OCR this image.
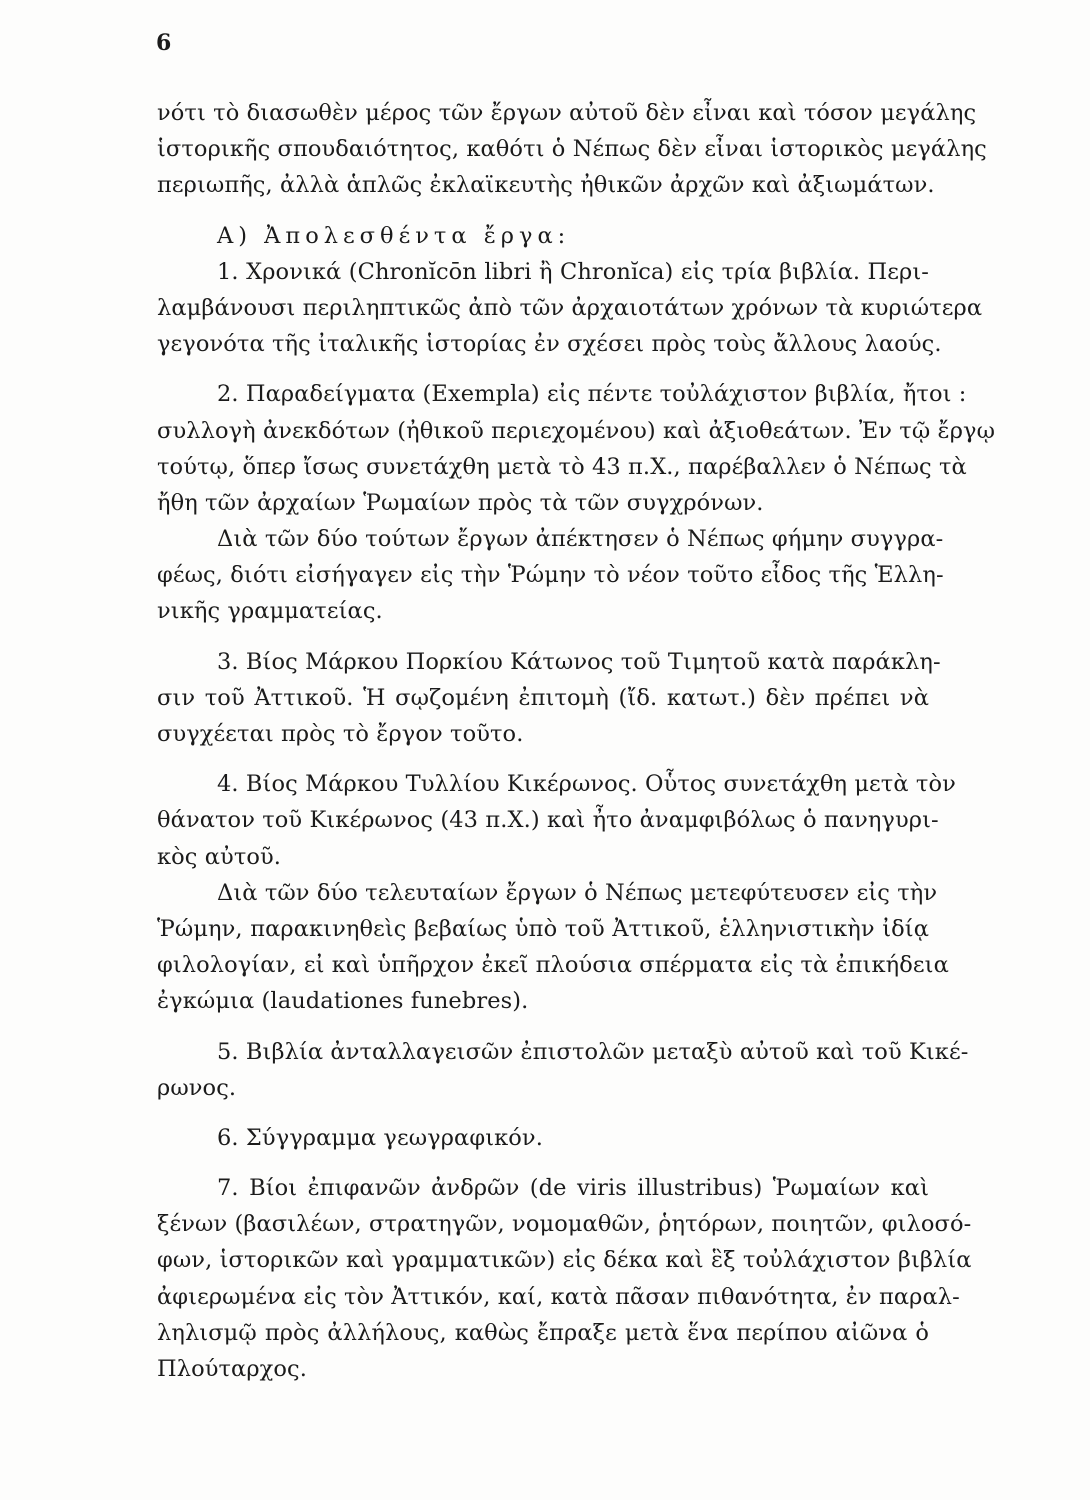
6
νότι τὸ διασωθὲν μέρος τῶν ἔργων αὐτοῦ δὲν εἶναι καὶ τόσον μεγάλης
ἱστορικῆς σπουδαιότητος, καθότι ὁ Νέπως δὲν εἶναι ἱστορικὸς μεγάλης
περιωπῆς, ἀλλὰ ἁπλῶς ἐκλαϊκευτὴς ἠθικῶν ἀρχῶν καὶ ἀξιωμάτων.
Α) Ἀπολεσθέντα ἔργα:
1. Χρονικά (Chronĭcōn libri ἢ Chronĭca) εἰς τρία βιβλία. Περι-
λαμβάνουσι περιληπτικῶς ἀπὸ τῶν ἀρχαιοτάτων χρόνων τὰ κυριώτερα
γεγονότα τῆς ἰταλικῆς ἱστορίας ἐν σχέσει πρὸς τοὺς ἄλλους λαούς.
2. Παραδείγματα (Exempla) εἰς πέντε τοὐλάχιστον βιβλία, ἤτοι :
συλλογὴ ἀνεκδότων (ἠθικοῦ περιεχομένου) καὶ ἀξιοθεάτων. Ἐν τῷ ἔργῳ
τούτῳ, ὅπερ ἴσως συνετάχθη μετὰ τὸ 43 π.Χ., παρέβαλλεν ὁ Νέπως τὰ
ἤθη τῶν ἀρχαίων Ῥωμαίων πρὸς τὰ τῶν συγχρόνων.
Διὰ τῶν δύο τούτων ἔργων ἀπέκτησεν ὁ Νέπως φήμην συγγρα-
φέως, διότι εἰσήγαγεν εἰς τὴν Ῥώμην τὸ νέον τοῦτο εἶδος τῆς Ἑλλη-
νικῆς γραμματείας.
3. Βίος Μάρκου Πορκίου Κάτωνος τοῦ Τιμητοῦ κατὰ παράκλη-
σιν τοῦ Ἀττικοῦ. Ἡ σῳζομένη ἐπιτομὴ (ἴδ. κατωτ.) δὲν πρέπει νὰ
συγχέεται πρὸς τὸ ἔργον τοῦτο.
4. Βίος Μάρκου Τυλλίου Κικέρωνος. Οὗτος συνετάχθη μετὰ τὸν
θάνατον τοῦ Κικέρωνος (43 π.Χ.) καὶ ἦτο ἀναμφιβόλως ὁ πανηγυρι-
κὸς αὐτοῦ.
Διὰ τῶν δύο τελευταίων ἔργων ὁ Νέπως μετεφύτευσεν εἰς τὴν
Ῥώμην, παρακινηθεὶς βεβαίως ὑπὸ τοῦ Ἀττικοῦ, ἑλληνιστικὴν ἰδίᾳ
φιλολογίαν, εἰ καὶ ὑπῆρχον ἐκεῖ πλούσια σπέρματα εἰς τὰ ἐπικήδεια
ἐγκώμια (laudationes funebres).
5. Βιβλία ἀνταλλαγεισῶν ἐπιστολῶν μεταξὺ αὐτοῦ καὶ τοῦ Κικέ-
ρωνος.
6. Σύγγραμμα γεωγραφικόν.
7. Βίοι ἐπιφανῶν ἀνδρῶν (de viris illustribus) Ῥωμαίων καὶ
ξένων (βασιλέων, στρατηγῶν, νομομαθῶν, ῥητόρων, ποιητῶν, φιλοσό-
φων, ἱστορικῶν καὶ γραμματικῶν) εἰς δέκα καὶ ἓξ τοὐλάχιστον βιβλία
ἀφιερωμένα εἰς τὸν Ἀττικόν, καί, κατὰ πᾶσαν πιθανότητα, ἐν παραλ-
ληλισμῷ πρὸς ἀλλήλους, καθὼς ἔπραξε μετὰ ἕνα περίπου αἰῶνα ὁ
Πλούταρχος.
